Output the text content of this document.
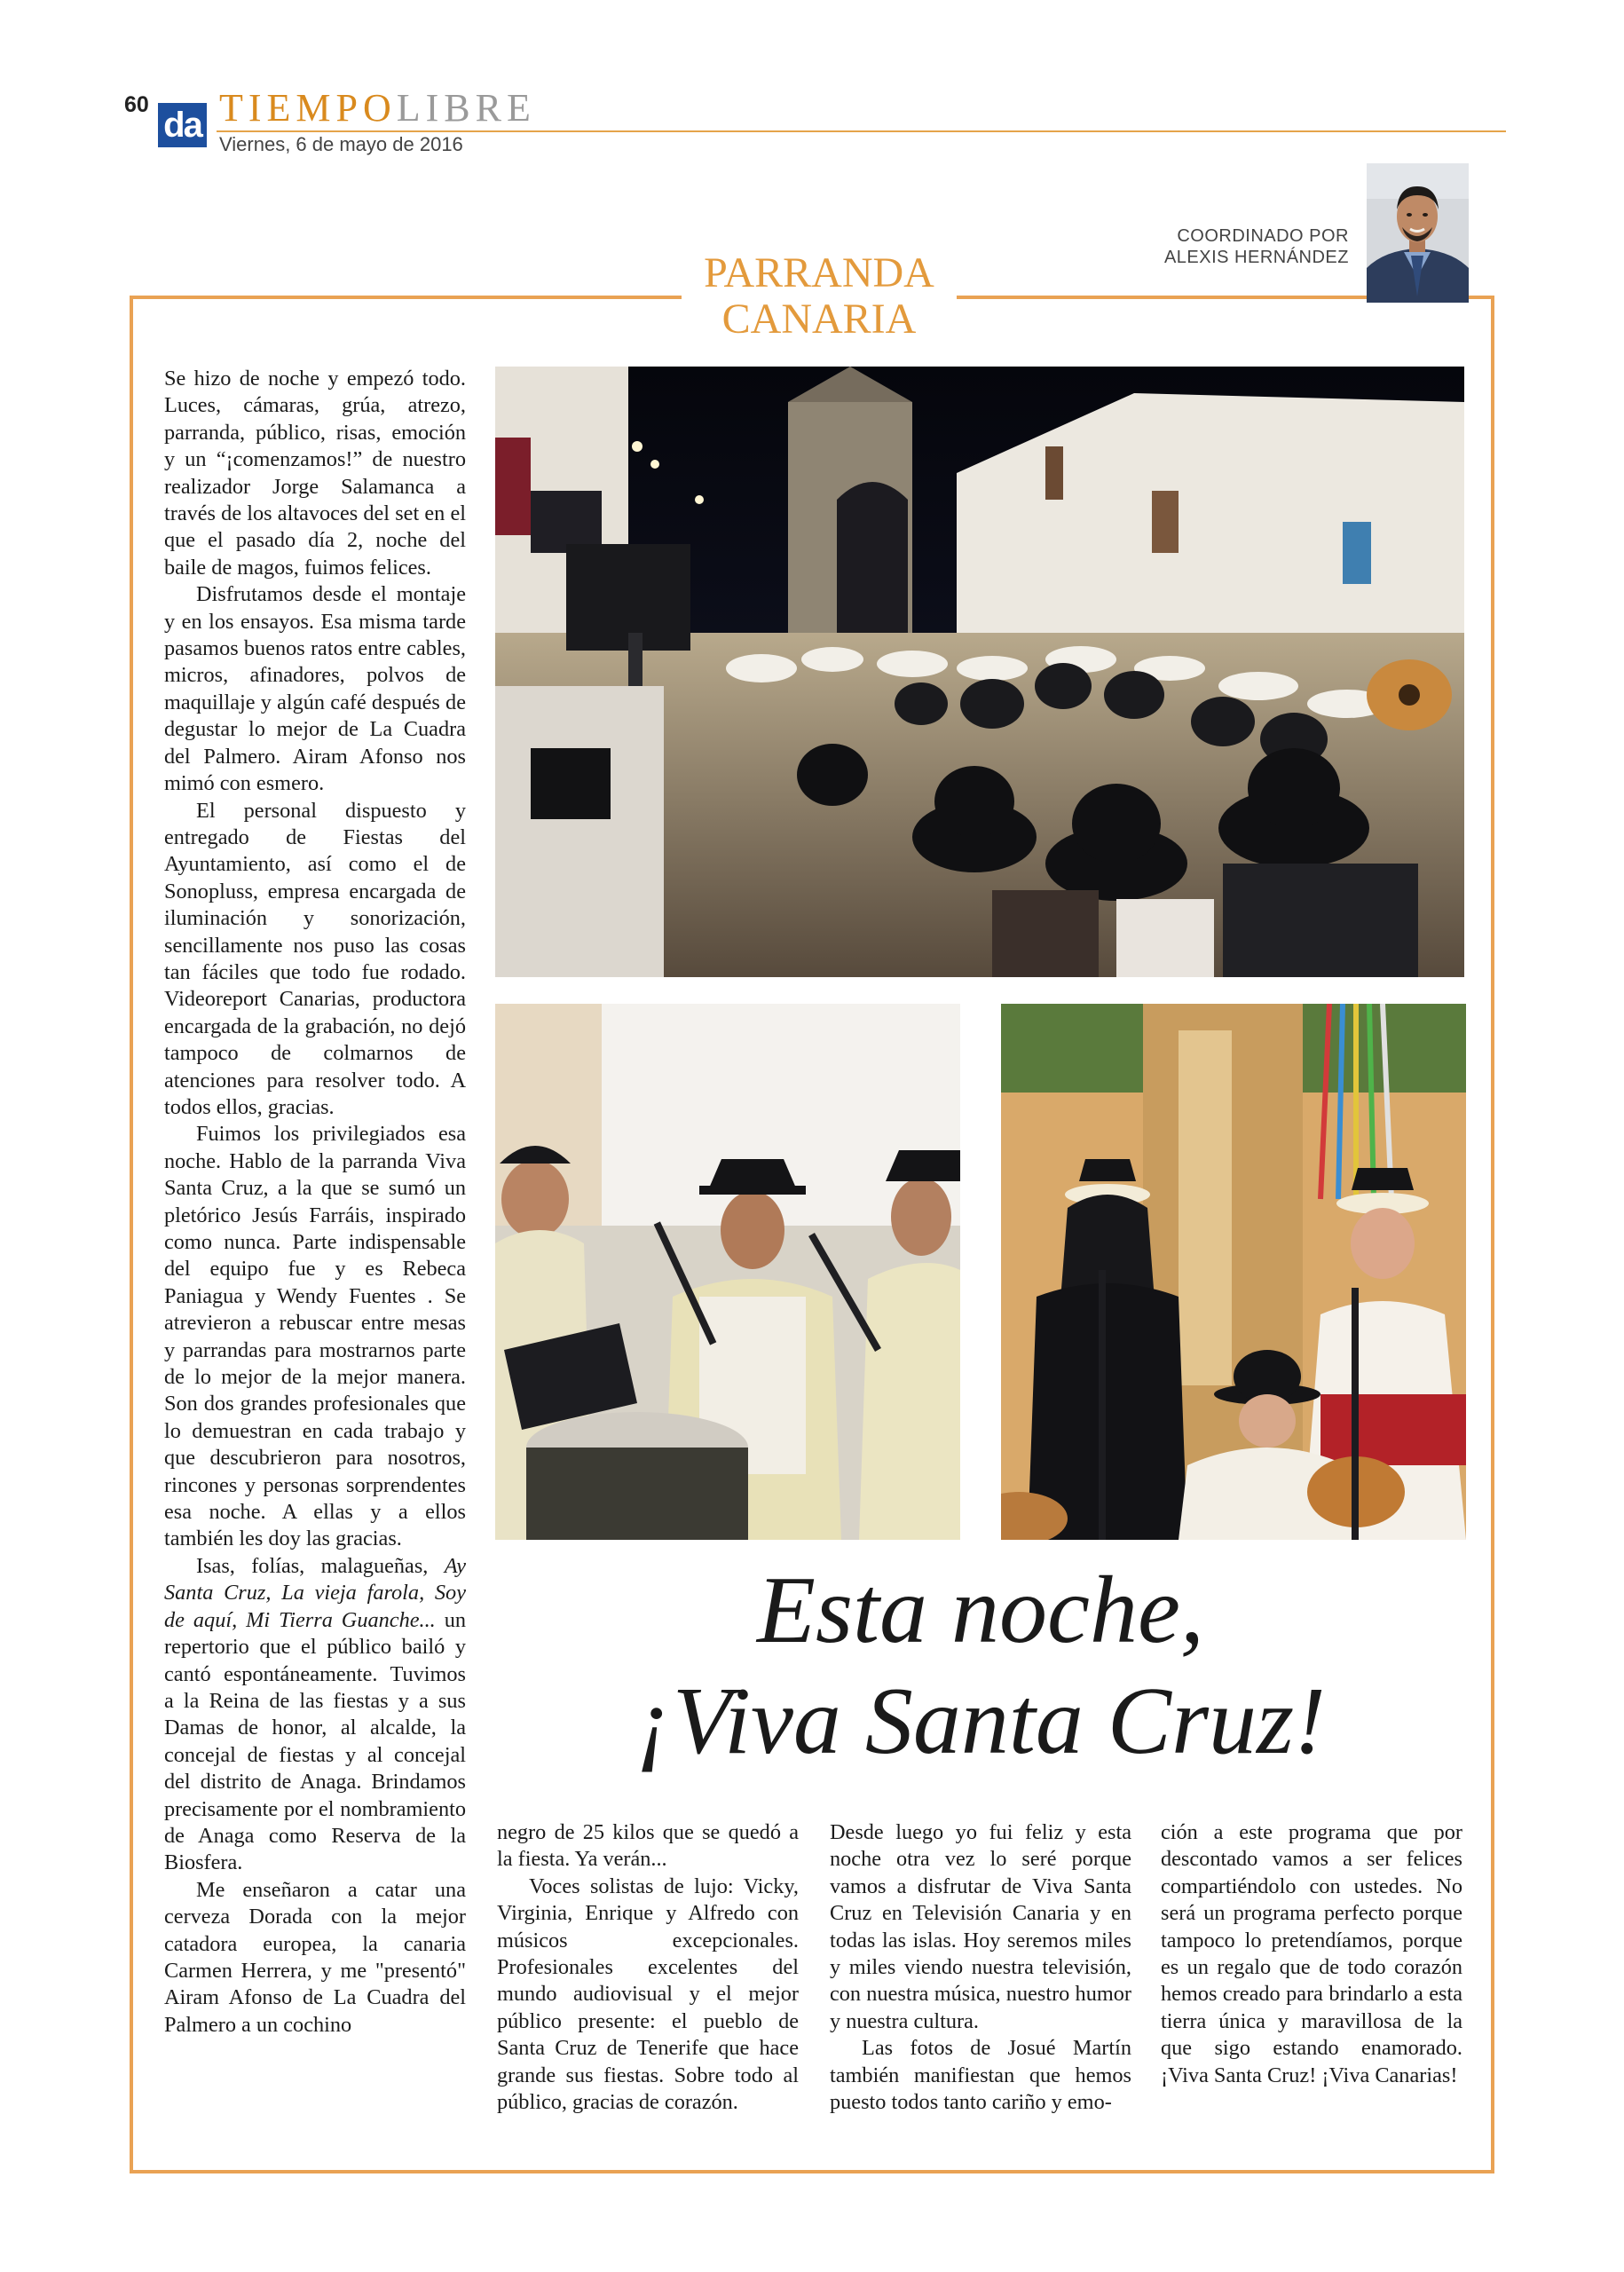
60
da TIEMPOLIBRE
Viernes, 6 de mayo de 2016
PARRANDA
CANARIA
COORDINADO POR
ALEXIS HERNÁNDEZ

Se hizo de noche y empezó todo. Luces, cámaras, grúa, atrezo, parranda, público, risas, emoción y un “¡comenzamos!” de nuestro realizador Jorge Salamanca a través de los altavoces del set en el que el pasado día 2, noche del baile de magos, fuimos felices.

Disfrutamos desde el montaje y en los ensayos. Esa misma tarde pasamos buenos ratos entre cables, micros, afinadores, polvos de maquillaje y algún café después de degustar lo mejor de La Cuadra del Palmero. Airam Afonso nos mimó con esmero.

El personal dispuesto y entregado de Fiestas del Ayuntamiento, así como el de Sonopluss, empresa encargada de iluminación y sonorización, sencillamente nos puso las cosas tan fáciles que todo fue rodado. Videoreport Canarias, productora encargada de la grabación, no dejó tampoco de colmarnos de atenciones para resolver todo. A todos ellos, gracias.

Fuimos los privilegiados esa noche. Hablo de la parranda Viva Santa Cruz, a la que se sumó un pletórico Jesús Farráis, inspirado como nunca. Parte indispensable del equipo fue y es Rebeca Paniagua y Wendy Fuentes . Se atrevieron a rebuscar entre mesas y parrandas para mostrarnos parte de lo mejor de la mejor manera. Son dos grandes profesionales que lo demuestran en cada trabajo y que descubrieron para nosotros, rincones y personas sorprendentes esa noche. A ellas y a ellos también les doy las gracias.

Isas, folías, malagueñas, Ay Santa Cruz, La vieja farola, Soy de aquí, Mi Tierra Guanche... un repertorio que el público bailó y cantó espontáneamente. Tuvimos a la Reina de las fiestas y a sus Damas de honor, al alcalde, la concejal de fiestas y al concejal del distrito de Anaga. Brindamos precisamente por el nombramiento de Anaga como Reserva de la Biosfera.

Me enseñaron a catar una cerveza Dorada con la mejor catadora europea, la canaria Carmen Herrera, y me "presentó" Airam Afonso de La Cuadra del Palmero a un cochino

Esta noche,
¡Viva Santa Cruz!

negro de 25 kilos que se quedó a la fiesta. Ya verán...

Voces solistas de lujo: Vicky, Virginia, Enrique y Alfredo con músicos excepcionales. Profesionales excelentes del mundo audiovisual y el mejor público presente: el pueblo de Santa Cruz de Tenerife que hace grande sus fiestas. Sobre todo al público, gracias de corazón.

Desde luego yo fui feliz y esta noche otra vez lo seré porque vamos a disfrutar de Viva Santa Cruz en Televisión Canaria y en todas las islas. Hoy seremos miles y miles viendo nuestra televisión, con nuestra música, nuestro humor y nuestra cultura.

Las fotos de Josué Martín también manifiestan que hemos puesto todos tanto cariño y emo-

ción a este programa que por descontado vamos a ser felices compartiéndolo con ustedes. No será un programa perfecto porque tampoco lo pretendíamos, porque es un regalo que de todo corazón hemos creado para brindarlo a esta tierra única y maravillosa de la que sigo estando enamorado. ¡Viva Santa Cruz! ¡Viva Canarias!
